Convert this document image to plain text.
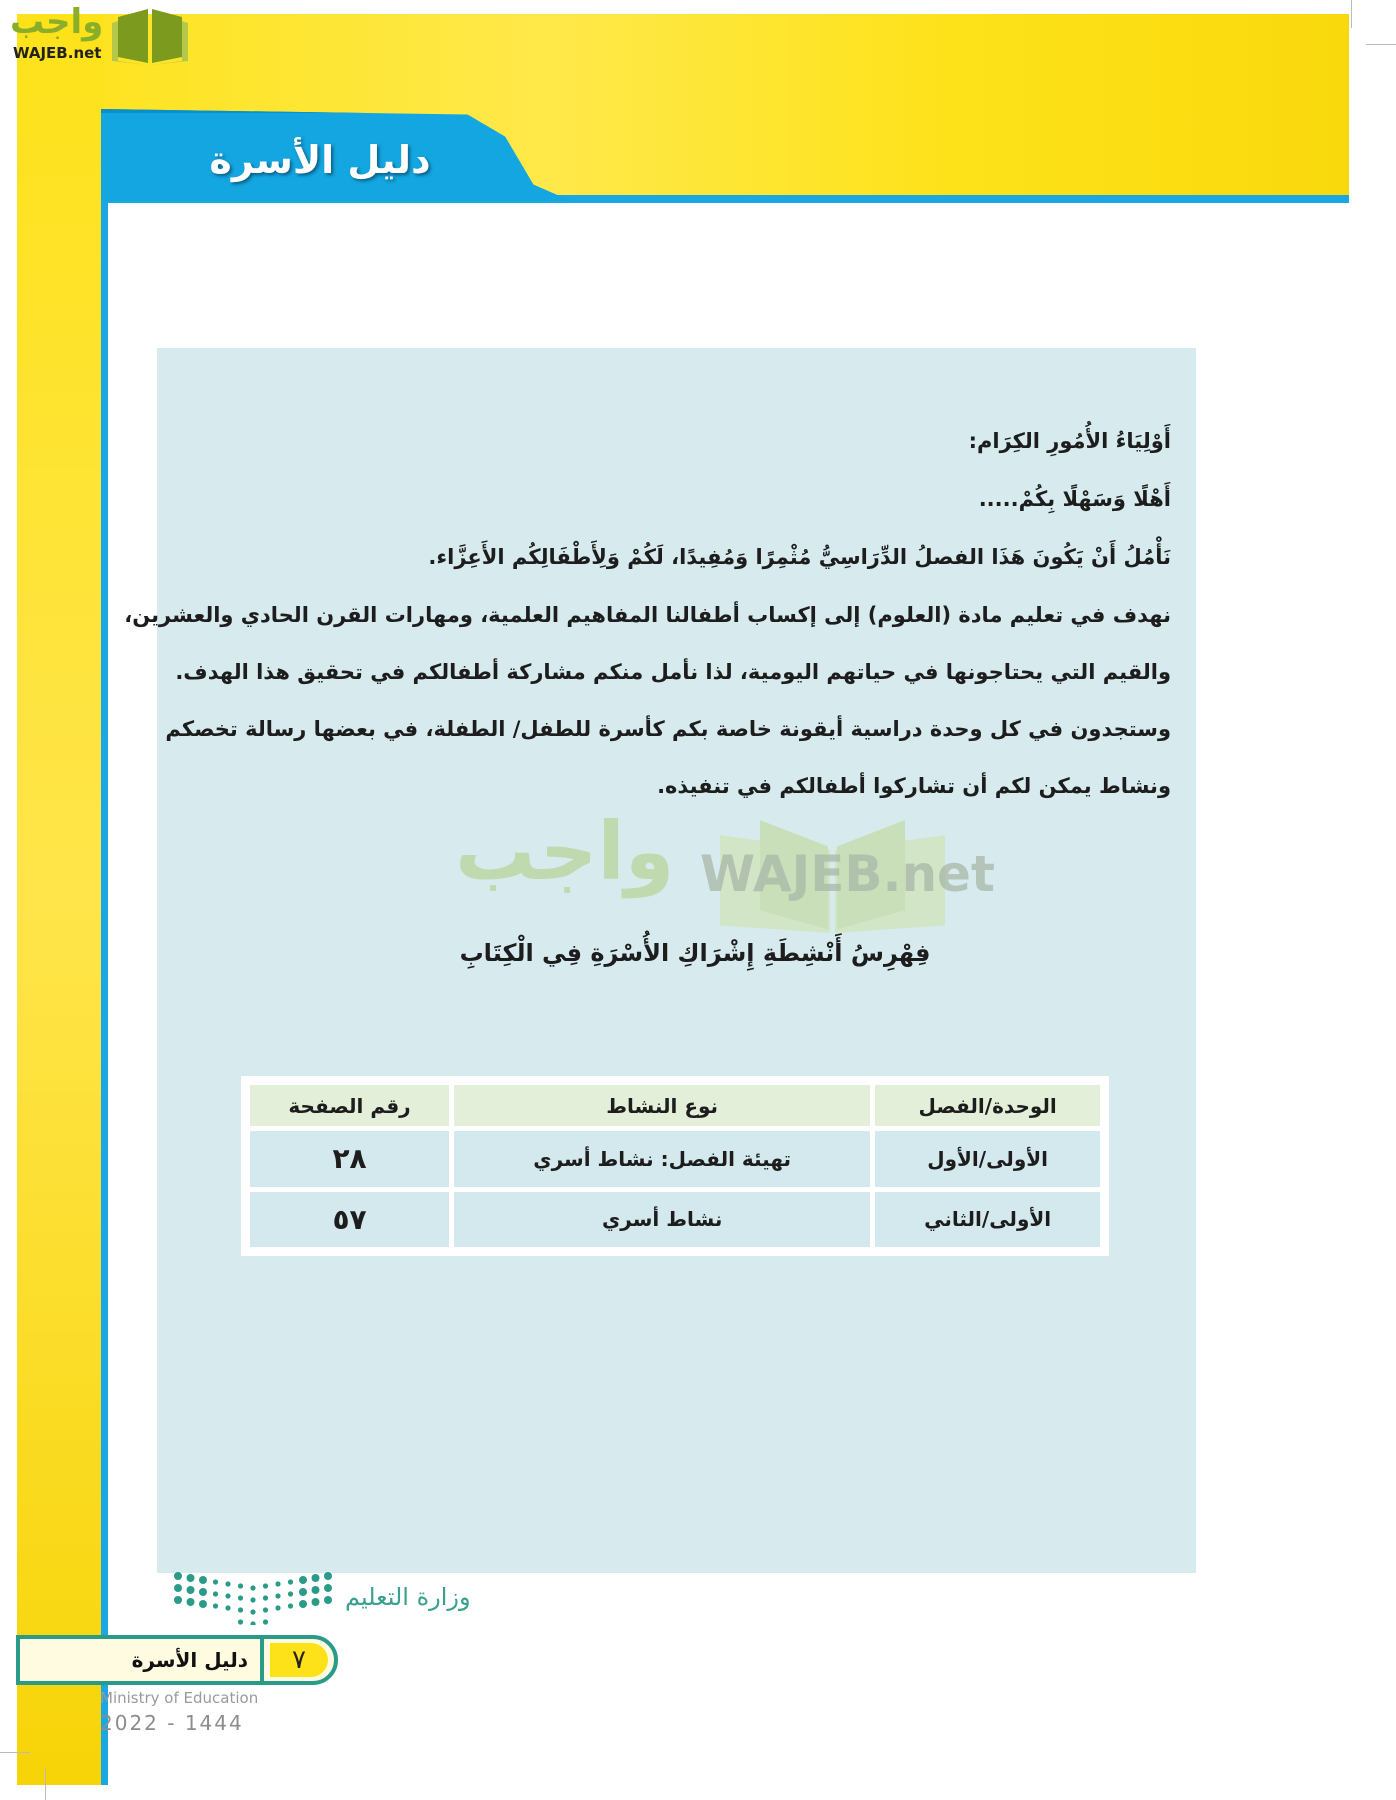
دليل الأسرة
واجب
WAJEB.net
أَوْلِيَاءُ الأُمُورِ الكِرَام:
أَهْلًا وَسَهْلًا بِكُمْ.....
نَأْمُلُ أَنْ يَكُونَ هَذَا الفصلُ الدِّرَاسِيُّ مُثْمِرًا وَمُفِيدًا، لَكُمْ وَلِأَطْفَالِكُم الأَعِزَّاء.
نهدف في تعليم مادة (العلوم) إلى إكساب أطفالنا المفاهيم العلمية، ومهارات القرن الحادي والعشرين،
والقيم التي يحتاجونها في حياتهم اليومية، لذا نأمل منكم مشاركة أطفالكم في تحقيق هذا الهدف.
وستجدون في كل وحدة دراسية أيقونة خاصة بكم كأسرة للطفل/ الطفلة، في بعضها رسالة تخصكم
ونشاط يمكن لكم أن تشاركوا أطفالكم في تنفيذه.
واجب WAJEB.net
فِهْرِسُ أَنْشِطَةِ إِشْرَاكِ الأُسْرَةِ فِي الْكِتَابِ
الوحدة/الفصل	نوع النشاط	رقم الصفحة
الأولى/الأول	تهيئة الفصل: نشاط أسري	٢٨
الأولى/الثاني	نشاط أسري	٥٧
وزارة التعليم
٧
دليل الأسرة
Ministry of Education
2022 - 1444
